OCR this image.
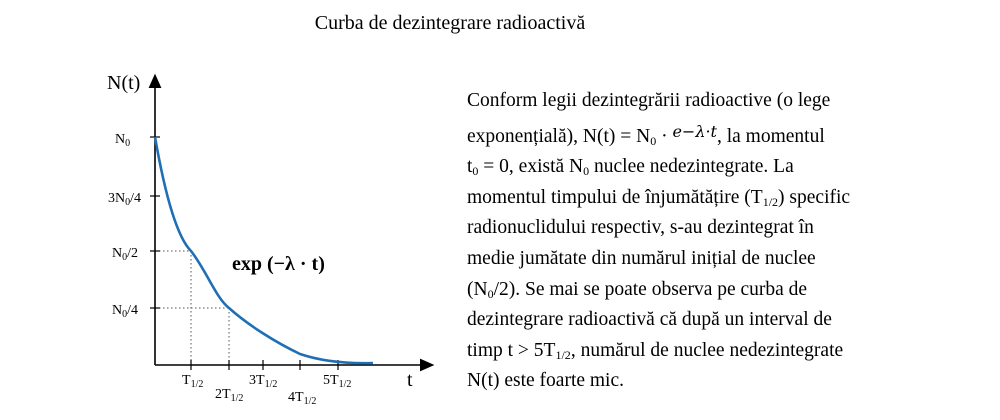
Curba de dezintegrare radioactivă
N(t)
t
$N_0$
$3N_0/4$
$N_0/2$
$N_0/4$
$T_{1/2}$
$2T_{1/2}$
$3T_{1/2}$
$4T_{1/2}$
$5T_{1/2}$
exp (−λ · t)
Conform legii dezintegrării radioactive (o lege
exponențială), $N(t) = N_0 \cdot ^{e-\lambda\cdot t}$, la momentul
$t_0 = 0$, există $N_0$ nuclee nedezintegrate. La
momentul timpului de înjumătățire $(T_{1/2})$ specific
radionuclidului respectiv, s-au dezintegrat în
medie jumătate din numărul inițial de nuclee
$(N_0/2)$. Se mai se poate observa pe curba de
dezintegrare radioactivă că după un interval de
timp $t > 5T_{1/2}$, numărul de nuclee nedezintegrate
N(t) este foarte mic.
